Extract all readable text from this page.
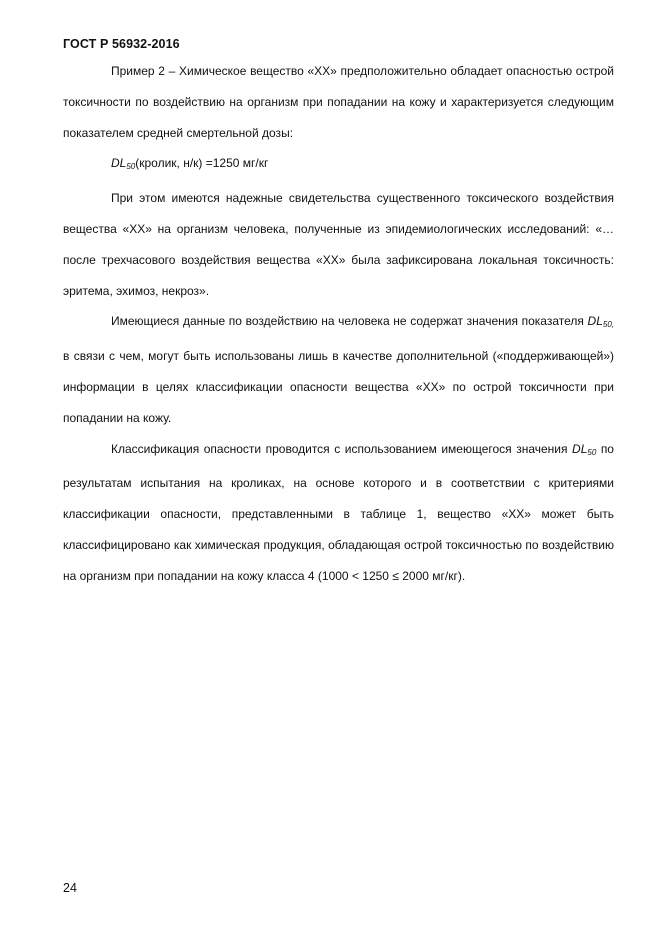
ГОСТ Р 56932-2016

Пример 2 – Химическое вещество «XX» предположительно обладает опасностью острой токсичности по воздействию на организм при попадании на кожу и характеризуется следующим показателем средней смертельной дозы:

$DL_{50}(кролик$, н/к) =1250 мг/кг

При этом имеются надежные свидетельства существенного токсического воздействия вещества «XX» на организм человека, полученные из эпидемиологических исследований: «…после трехчасового воздействия вещества «XX» была зафиксирована локальная токсичность: эритема, эхимоз, некроз».

Имеющиеся данные по воздействию на человека не содержат значения показателя $DL_{50,}$ в связи с чем, могут быть использованы лишь в качестве дополнительной («поддерживающей») информации в целях классификации опасности вещества «XX» по острой токсичности при попадании на кожу.

Классификация опасности проводится с использованием имеющегося значения $DL_{50}$ по результатам испытания на кроликах, на основе которого и в соответствии с критериями классификации опасности, представленными в таблице 1, вещество «XX» может быть классифицировано как химическая продукция, обладающая острой токсичностью по воздействию на организм при попадании на кожу класса 4 (1000 < 1250 ≤ 2000 мг/кг).

24
